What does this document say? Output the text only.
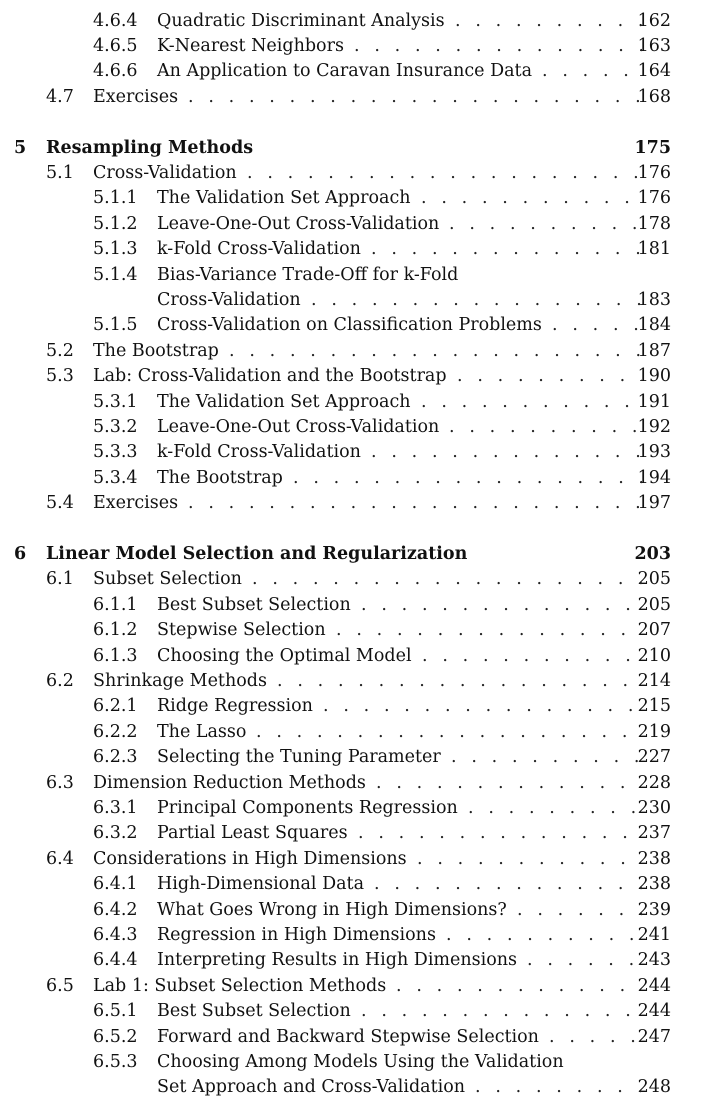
4.6.4 Quadratic Discriminant Analysis	162
. . .
4.6.5 K-Nearest Neighbors	163
. . .
4.6.6 An Application to Caravan Insurance Data	164
. . .
4.7 Exercises	168
. . .
5 Resampling Methods	175
5.1 Cross-Validation	176
. . .
5.1.1 The Validation Set Approach	176
. . .
5.1.2 Leave-One-Out Cross-Validation	178
. . .
5.1.3 k-Fold Cross-Validation	181
. . .
5.1.4 Bias-Variance Trade-Off for k-Fold
Cross-Validation	183
. . .
5.1.5 Cross-Validation on Classification Problems	184
. . .
5.2 The Bootstrap	187
. . .
5.3 Lab: Cross-Validation and the Bootstrap	190
. . .
5.3.1 The Validation Set Approach	191
. . .
5.3.2 Leave-One-Out Cross-Validation	192
. . .
5.3.3 k-Fold Cross-Validation	193
. . .
5.3.4 The Bootstrap	194
. . .
5.4 Exercises	197
. . .
6 Linear Model Selection and Regularization	203
6.1 Subset Selection	205
. . .
6.1.1 Best Subset Selection	205
. . .
6.1.2 Stepwise Selection	207
. . .
6.1.3 Choosing the Optimal Model	210
. . .
6.2 Shrinkage Methods	214
. . .
6.2.1 Ridge Regression	215
. . .
6.2.2 The Lasso	219
. . .
6.2.3 Selecting the Tuning Parameter	227
. . .
6.3 Dimension Reduction Methods	228
. . .
6.3.1 Principal Components Regression	230
. . .
6.3.2 Partial Least Squares	237
. . .
6.4 Considerations in High Dimensions	238
. . .
6.4.1 High-Dimensional Data	238
. . .
6.4.2 What Goes Wrong in High Dimensions?	239
. . .
6.4.3 Regression in High Dimensions	241
. . .
6.4.4 Interpreting Results in High Dimensions	243
. . .
6.5 Lab 1: Subset Selection Methods	244
. . .
6.5.1 Best Subset Selection	244
. . .
6.5.2 Forward and Backward Stepwise Selection	247
. . .
6.5.3 Choosing Among Models Using the Validation
Set Approach and Cross-Validation	248
. . .
